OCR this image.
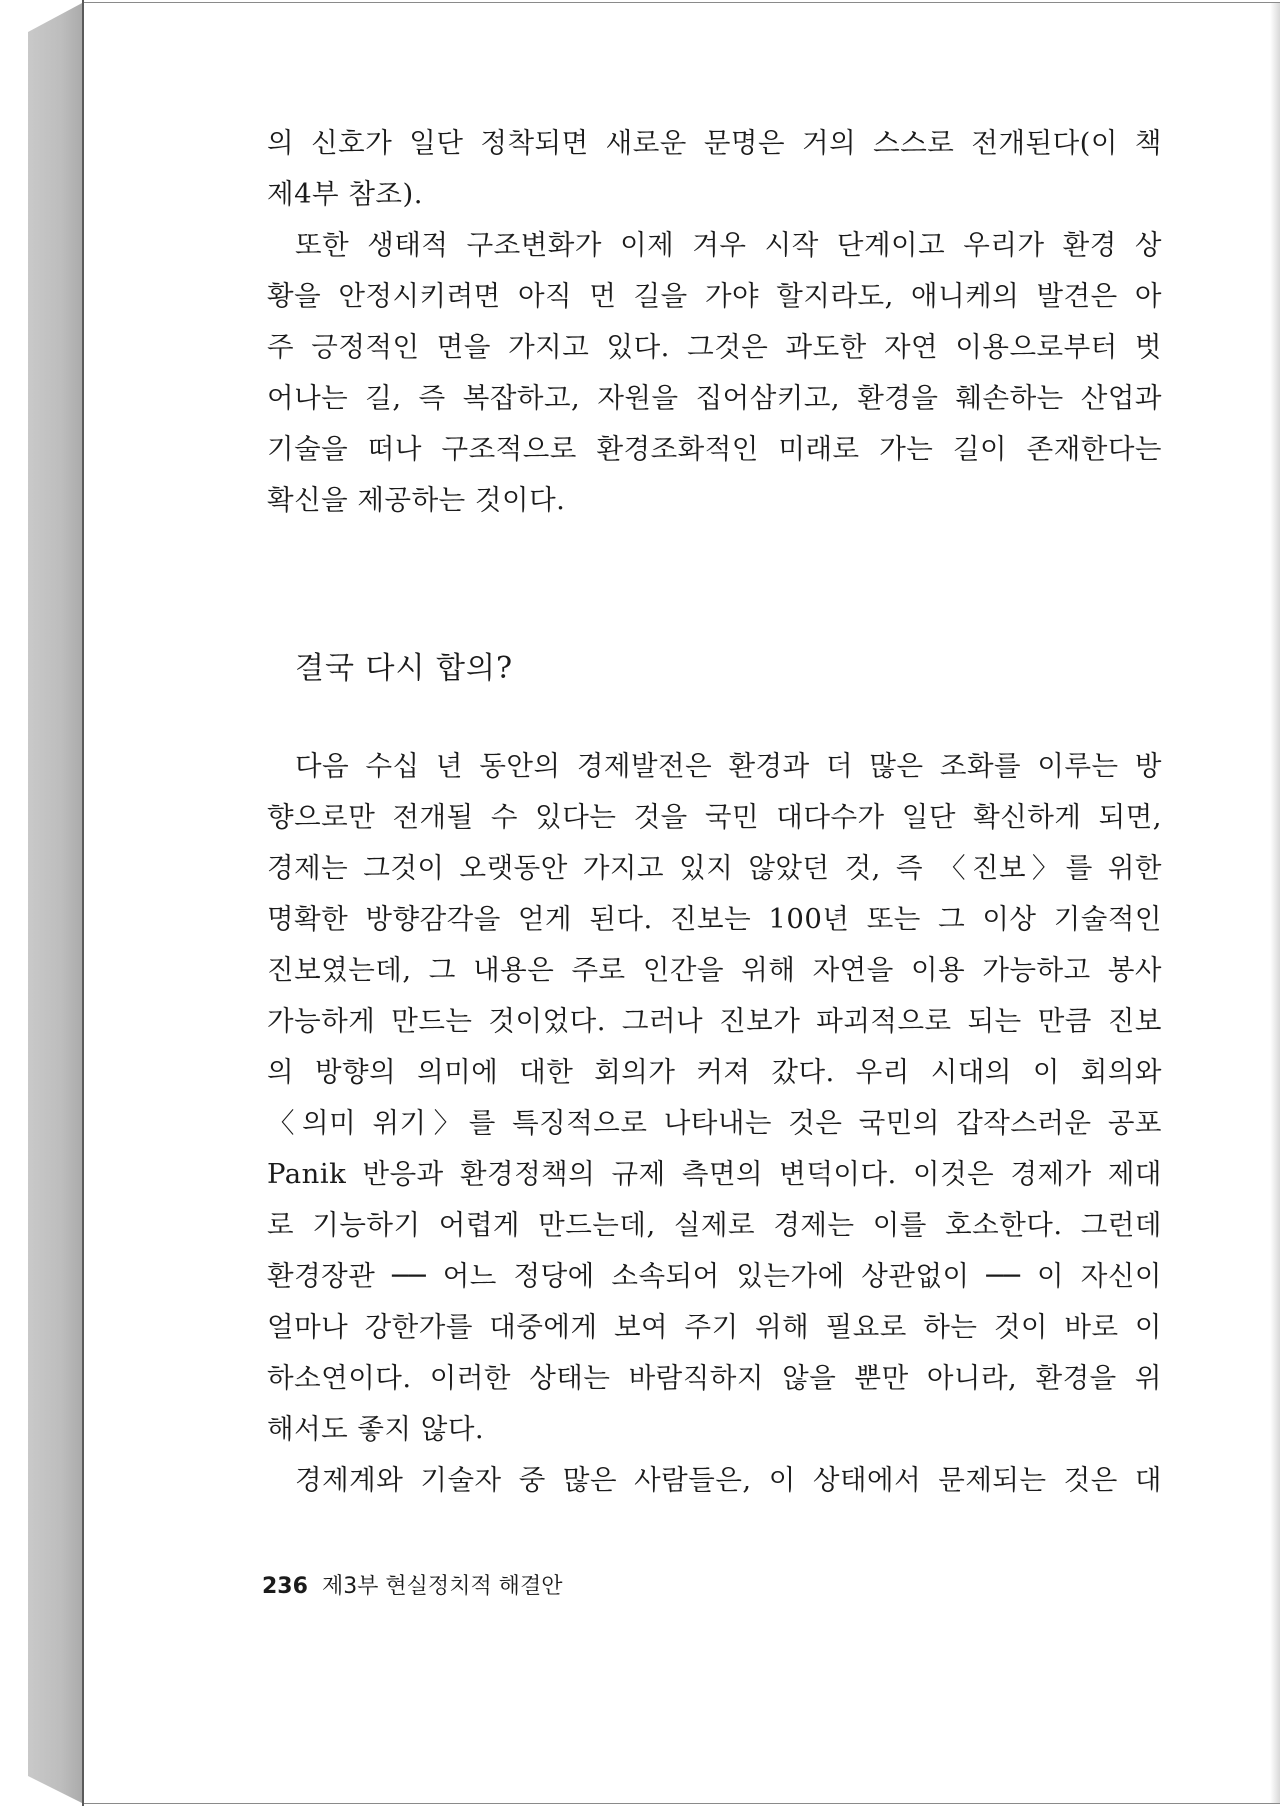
의 신호가 일단 정착되면 새로운 문명은 거의 스스로 전개된다(이 책
제4부 참조).
또한 생태적 구조변화가 이제 겨우 시작 단계이고 우리가 환경 상
황을 안정시키려면 아직 먼 길을 가야 할지라도, 애니케의 발견은 아
주 긍정적인 면을 가지고 있다. 그것은 과도한 자연 이용으로부터 벗
어나는 길, 즉 복잡하고, 자원을 집어삼키고, 환경을 훼손하는 산업과
기술을 떠나 구조적으로 환경조화적인 미래로 가는 길이 존재한다는
확신을 제공하는 것이다.
결국 다시 합의?
다음 수십 년 동안의 경제발전은 환경과 더 많은 조화를 이루는 방
향으로만 전개될 수 있다는 것을 국민 대다수가 일단 확신하게 되면,
경제는 그것이 오랫동안 가지고 있지 않았던 것, 즉 〈진보〉를 위한
명확한 방향감각을 얻게 된다. 진보는 100년 또는 그 이상 기술적인
진보였는데, 그 내용은 주로 인간을 위해 자연을 이용 가능하고 봉사
가능하게 만드는 것이었다. 그러나 진보가 파괴적으로 되는 만큼 진보
의 방향의 의미에 대한 회의가 커져 갔다. 우리 시대의 이 회의와
〈의미 위기〉를 특징적으로 나타내는 것은 국민의 갑작스러운 공포
Panik 반응과 환경정책의 규제 측면의 변덕이다. 이것은 경제가 제대
로 기능하기 어렵게 만드는데, 실제로 경제는 이를 호소한다. 그런데
환경장관 ── 어느 정당에 소속되어 있는가에 상관없이 ── 이 자신이
얼마나 강한가를 대중에게 보여 주기 위해 필요로 하는 것이 바로 이
하소연이다. 이러한 상태는 바람직하지 않을 뿐만 아니라, 환경을 위
해서도 좋지 않다.
경제계와 기술자 중 많은 사람들은, 이 상태에서 문제되는 것은 대
236 제3부 현실정치적 해결안
